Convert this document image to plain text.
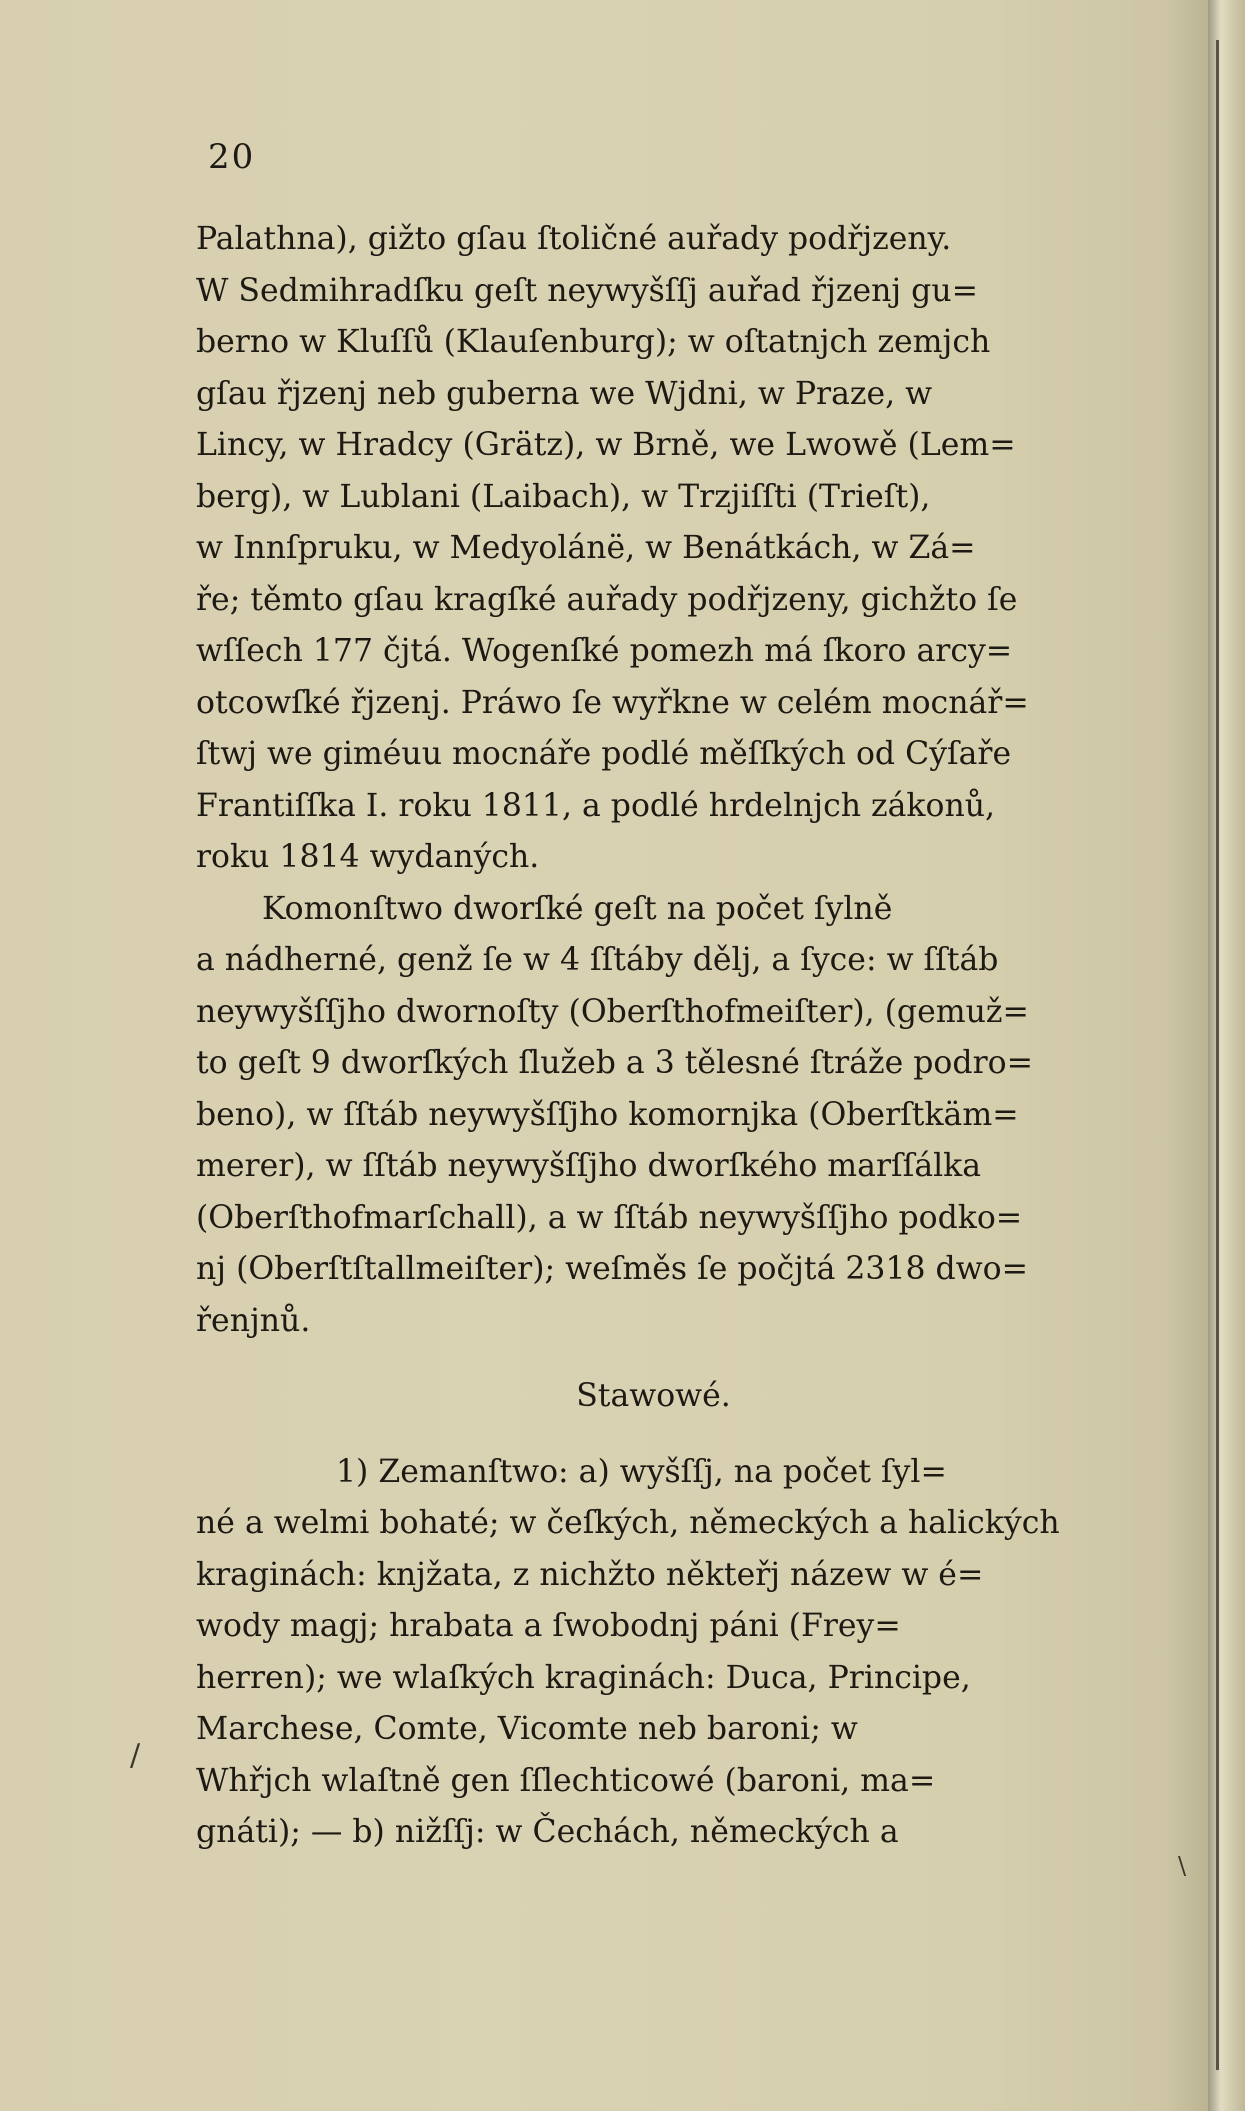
20
Palathna), gižto gſau ſtoličné auřady podřjzeny.
W Sedmihradſku geſt neywyšſſj auřad řjzenj gu=
berno w Kluſſů (Klauſenburg); w oſtatnjch zemjch
gſau řjzenj neb guberna we Wjdni, w Praze, w
Lincy, w Hradcy (Grätz), w Brně, we Lwowě (Lem=
berg), w Lublani (Laibach), w Trzjiſſti (Trieſt),
w Innſpruku, w Medyolánë, w Benátkách, w Zá=
ře; těmto gſau kragſké auřady podřjzeny, gichžto ſe
wſſech 177 čjtá. Wogenſké pomezh má ſkoro arcy=
otcowſké řjzenj. Práwo ſe wyřkne w celém mocnář=
ſtwj we giméuu mocnáře podlé měſſkých od Cýſaře
Frantiſſka I. roku 1811, a podlé hrdelnjch zákonů,
roku 1814 wydaných.
Komonſtwo dworſké geſt na počet ſylně
a nádherné, genž ſe w 4 ſſtáby dělj, a ſyce: w ſſtáb
neywyšſſjho dwornoſty (Oberſthofmeiſter), (gemuž=
to geſt 9 dworſkých ſlužeb a 3 tělesné ſtráže podro=
beno), w ſſtáb neywyšſſjho komornjka (Oberſtkäm=
merer), w ſſtáb neywyšſſjho dworſkého marſſálka
(Oberſthofmarſchall), a w ſſtáb neywyšſſjho podko=
nj (Oberſtſtallmeiſter); weſměs ſe počjtá 2318 dwo=
řenjnů.
Stawowé.
1) Zemanſtwo: a) wyšſſj, na počet ſyl=
né a welmi bohaté; w čeſkých, německých a halických
kraginách: knjžata, z nichžto někteřj názew w é=
wody magj; hrabata a ſwobodnj páni (Frey=
herren); we wlaſkých kraginách: Duca, Principe,
Marchese, Comte, Vicomte neb baroni; w
Whřjch wlaſtně gen ſſlechticowé (baroni, ma=
gnáti); — b) nižſſj: w Čechách, německých a
/
\
